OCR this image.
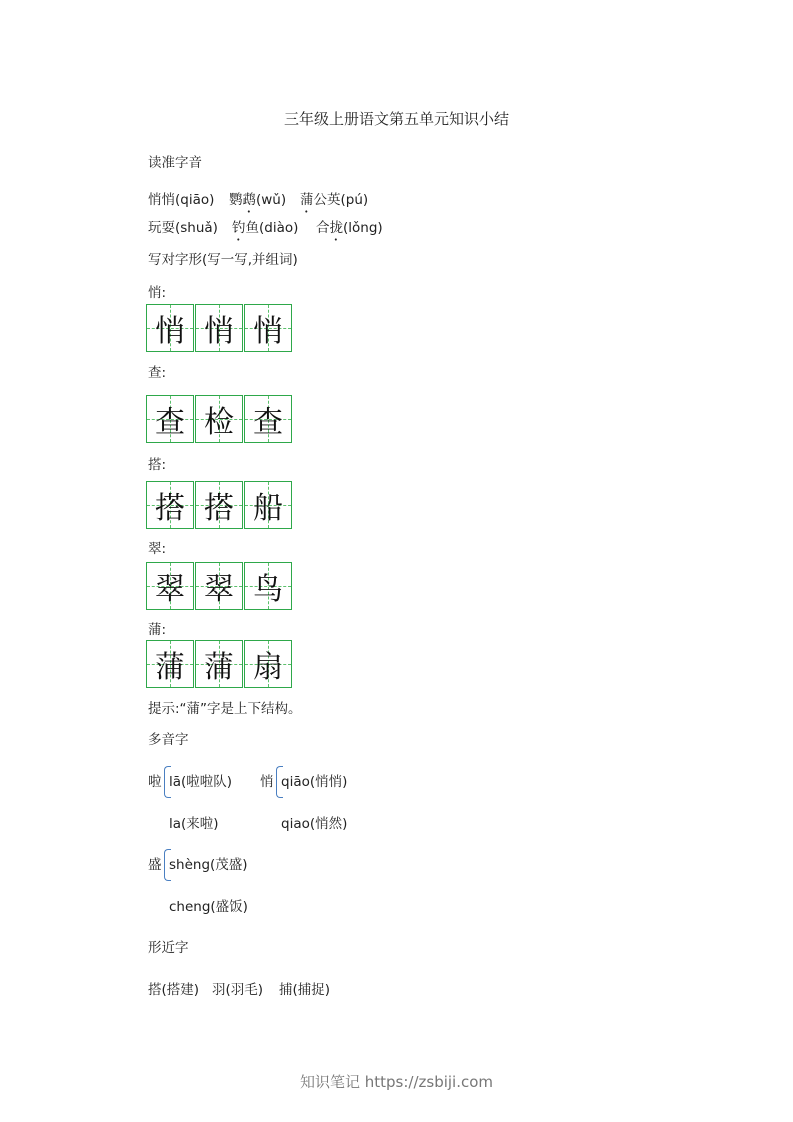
三年级上册语文第五单元知识小结
读准字音
悄悄(qiāo) 鹦鹉(wǔ) 蒲公英(pú)
玩耍(shuǎ) 钓鱼(diào) 合拢(lǒng)
写对字形(写一写,并组词)
悄:
悄 悄 悄
查:
查 检 查
搭:
搭 搭 船
翠:
翠 翠 鸟
蒲:
蒲 蒲 扇
提示:“蒲”字是上下结构。
多音字
啦 lā(啦啦队)
la(来啦)
悄 qiāo(悄悄)
qiao(悄然)
盛 shèng(茂盛)
cheng(盛饭)
形近字
搭(搭建) 羽(羽毛) 捕(捕捉)
知识笔记 https://zsbiji.com
